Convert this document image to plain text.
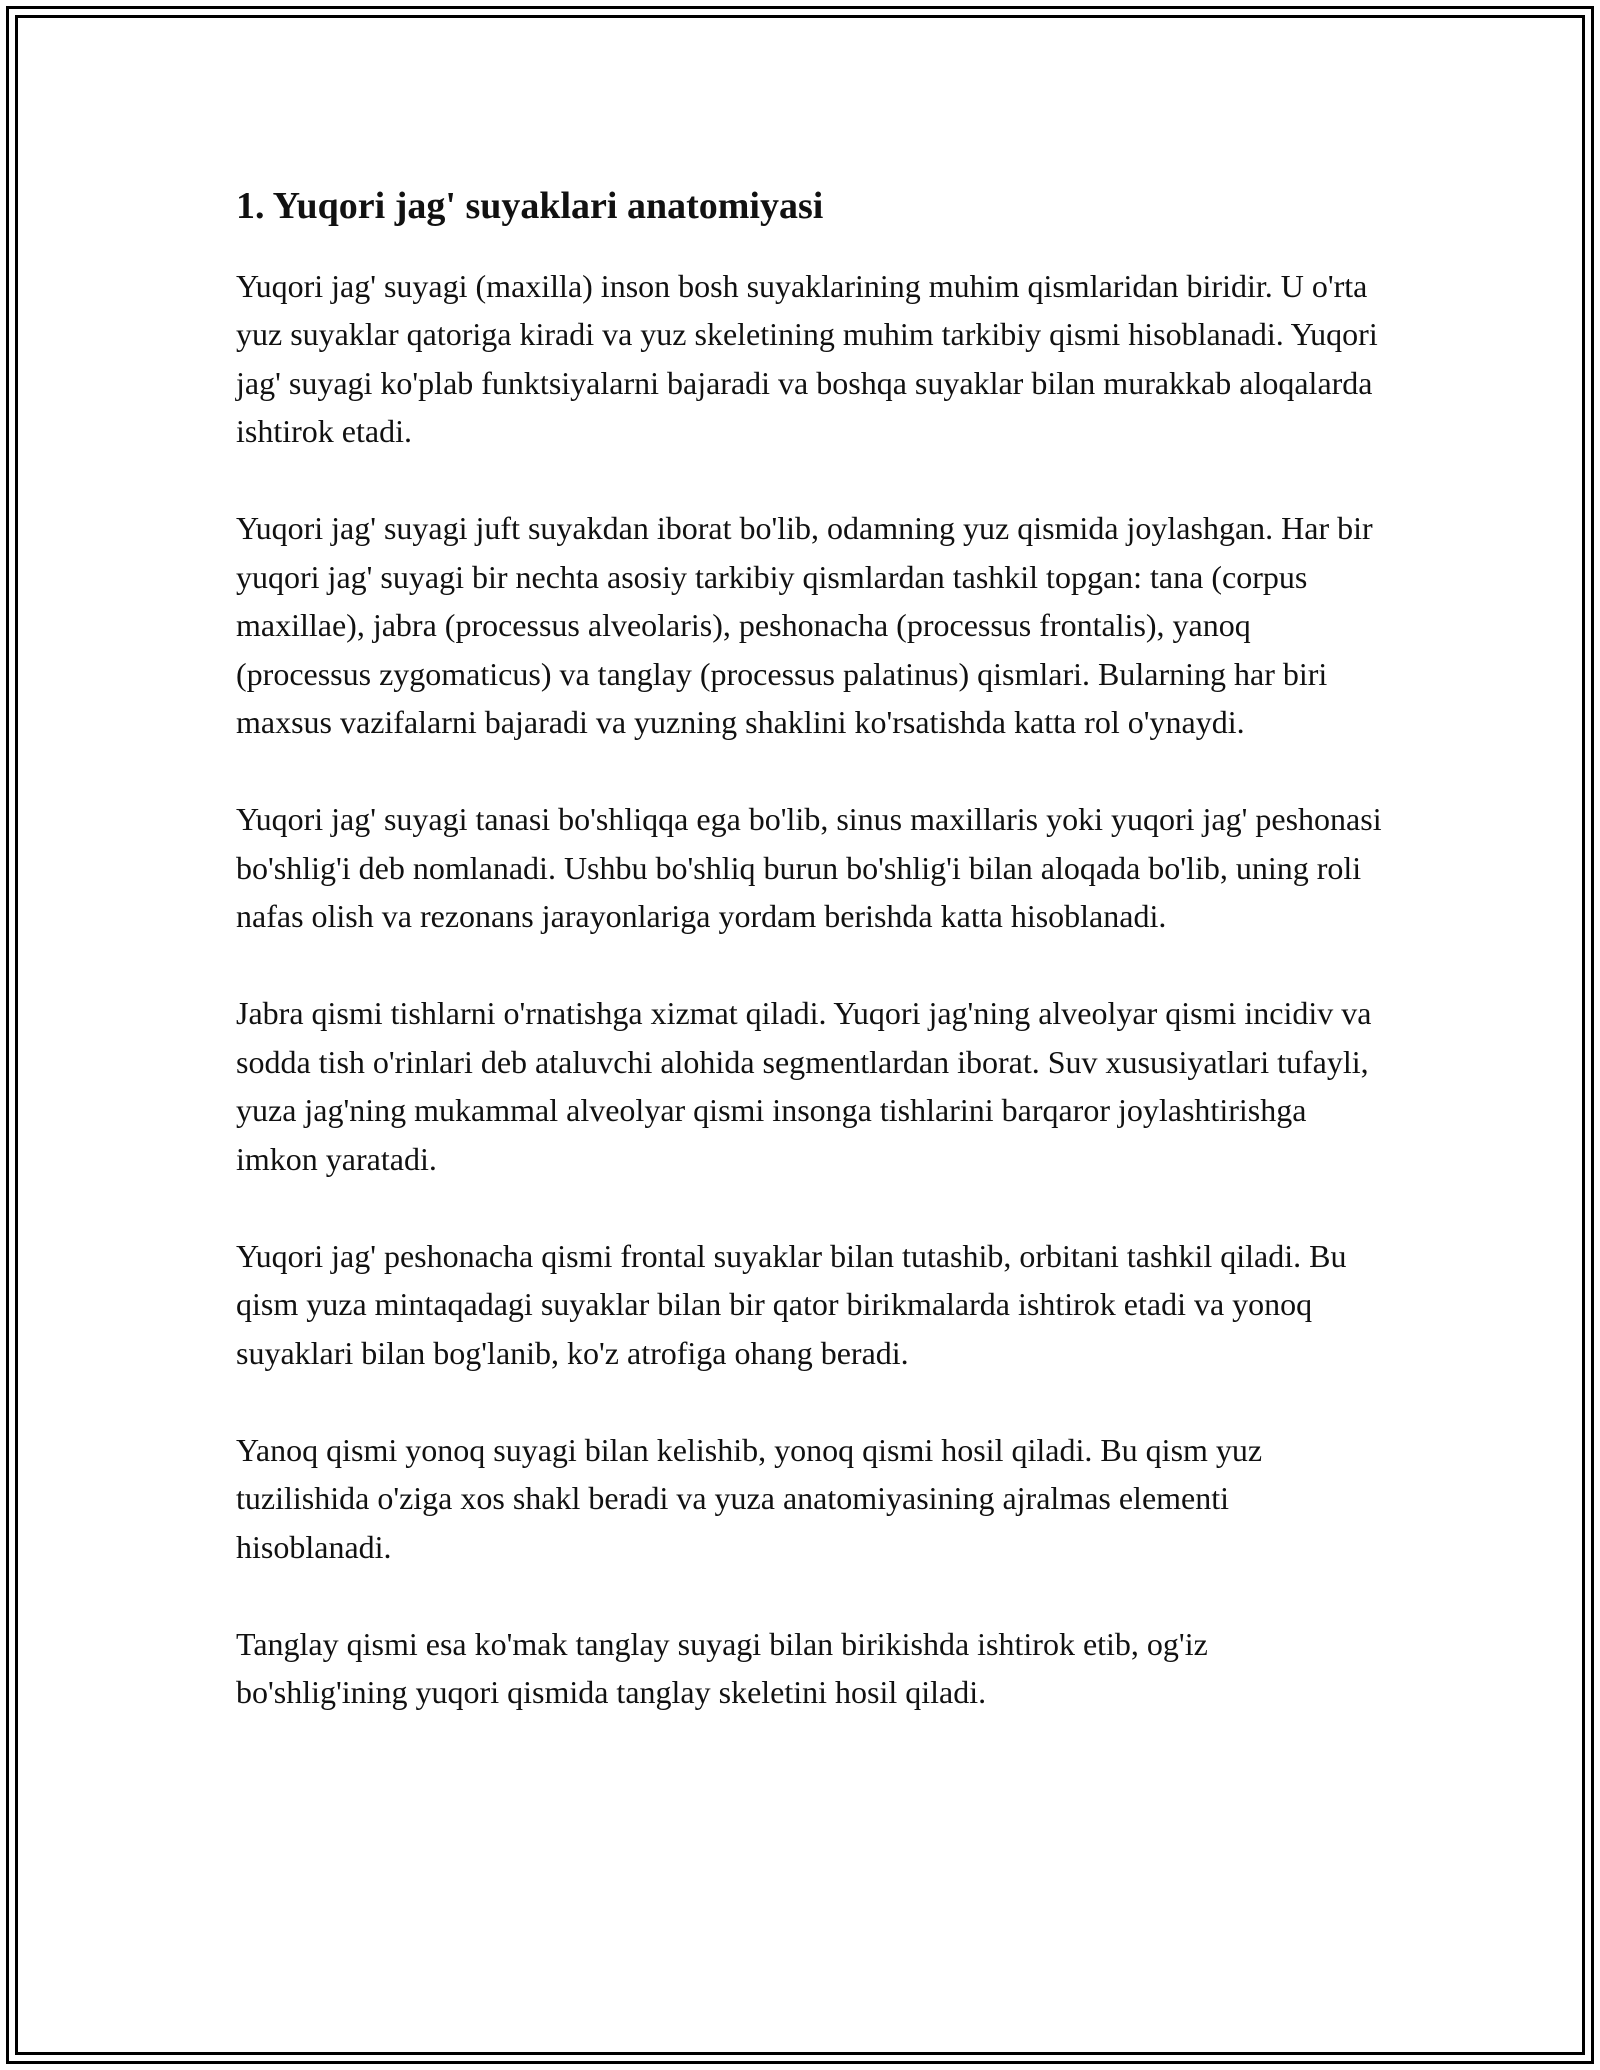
1. Yuqori jag' suyaklari anatomiyasi

Yuqori jag' suyagi (maxilla) inson bosh suyaklarining muhim qismlaridan biridir. U o'rta yuz suyaklar qatoriga kiradi va yuz skeletining muhim tarkibiy qismi hisoblanadi. Yuqori jag' suyagi ko'plab funktsiyalarni bajaradi va boshqa suyaklar bilan murakkab aloqalarda ishtirok etadi.

Yuqori jag' suyagi juft suyakdan iborat bo'lib, odamning yuz qismida joylashgan. Har bir yuqori jag' suyagi bir nechta asosiy tarkibiy qismlardan tashkil topgan: tana (corpus maxillae), jabra (processus alveolaris), peshonacha (processus frontalis), yanoq (processus zygomaticus) va tanglay (processus palatinus) qismlari. Bularning har biri maxsus vazifalarni bajaradi va yuzning shaklini ko'rsatishda katta rol o'ynaydi.

Yuqori jag' suyagi tanasi bo'shliqqa ega bo'lib, sinus maxillaris yoki yuqori jag' peshonasi bo'shlig'i deb nomlanadi. Ushbu bo'shliq burun bo'shlig'i bilan aloqada bo'lib, uning roli nafas olish va rezonans jarayonlariga yordam berishda katta hisoblanadi.

Jabra qismi tishlarni o'rnatishga xizmat qiladi. Yuqori jag'ning alveolyar qismi incidiv va sodda tish o'rinlari deb ataluvchi alohida segmentlardan iborat. Suv xususiyatlari tufayli, yuza jag'ning mukammal alveolyar qismi insonga tishlarini barqaror joylashtirishga imkon yaratadi.

Yuqori jag' peshonacha qismi frontal suyaklar bilan tutashib, orbitani tashkil qiladi. Bu qism yuza mintaqadagi suyaklar bilan bir qator birikmalarda ishtirok etadi va yonoq suyaklari bilan bog'lanib, ko'z atrofiga ohang beradi.

Yanoq qismi yonoq suyagi bilan kelishib, yonoq qismi hosil qiladi. Bu qism yuz tuzilishida o'ziga xos shakl beradi va yuza anatomiyasining ajralmas elementi hisoblanadi.

Tanglay qismi esa ko'mak tanglay suyagi bilan birikishda ishtirok etib, og'iz bo'shlig'ining yuqori qismida tanglay skeletini hosil qiladi.
